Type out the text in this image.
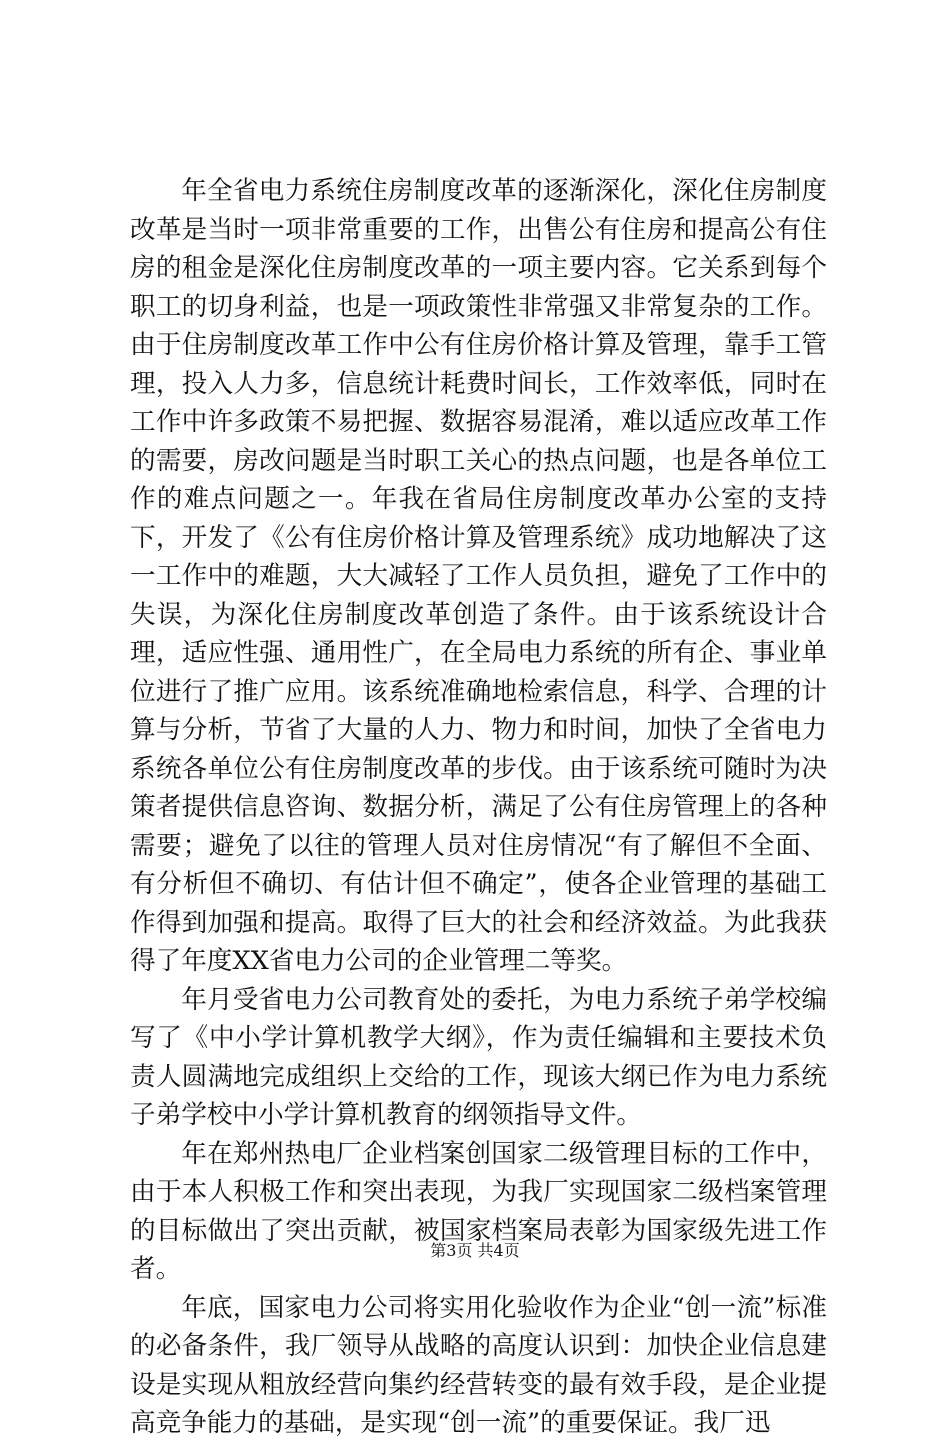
年全省电力系统住房制度改革的逐渐深化，深化住房制度改革是当时一项非常重要的工作，出售公有住房和提高公有住房的租金是深化住房制度改革的一项主要内容。它关系到每个职工的切身利益，也是一项政策性非常强又非常复杂的工作。由于住房制度改革工作中公有住房价格计算及管理，靠手工管理，投入人力多，信息统计耗费时间长，工作效率低，同时在工作中许多政策不易把握、数据容易混淆，难以适应改革工作的需要，房改问题是当时职工关心的热点问题，也是各单位工作的难点问题之一。年我在省局住房制度改革办公室的支持下，开发了《公有住房价格计算及管理系统》成功地解决了这一工作中的难题，大大减轻了工作人员负担，避免了工作中的失误，为深化住房制度改革创造了条件。由于该系统设计合理，适应性强、通用性广，在全局电力系统的所有企、事业单位进行了推广应用。该系统准确地检索信息，科学、合理的计算与分析，节省了大量的人力、物力和时间，加快了全省电力系统各单位公有住房制度改革的步伐。由于该系统可随时为决策者提供信息咨询、数据分析，满足了公有住房管理上的各种需要；避免了以往的管理人员对住房情况“有了解但不全面、有分析但不确切、有估计但不确定”，使各企业管理的基础工作得到加强和提高。取得了巨大的社会和经济效益。为此我获得了年度XX省电力公司的企业管理二等奖。

年月受省电力公司教育处的委托，为电力系统子弟学校编写了《中小学计算机教学大纲》，作为责任编辑和主要技术负责人圆满地完成组织上交给的工作，现该大纲已作为电力系统子弟学校中小学计算机教育的纲领指导文件。

年在郑州热电厂企业档案创国家二级管理目标的工作中，由于本人积极工作和突出表现，为我厂实现国家二级档案管理的目标做出了突出贡献，被国家档案局表彰为国家级先进工作者。

年底，国家电力公司将实用化验收作为企业“创一流”标准的必备条件，我厂领导从战略的高度认识到：加快企业信息建设是实现从粗放经营向集约经营转变的最有效手段，是企业提高竞争能力的基础，是实现“创一流”的重要保证。我厂迅

第3页 共4页
